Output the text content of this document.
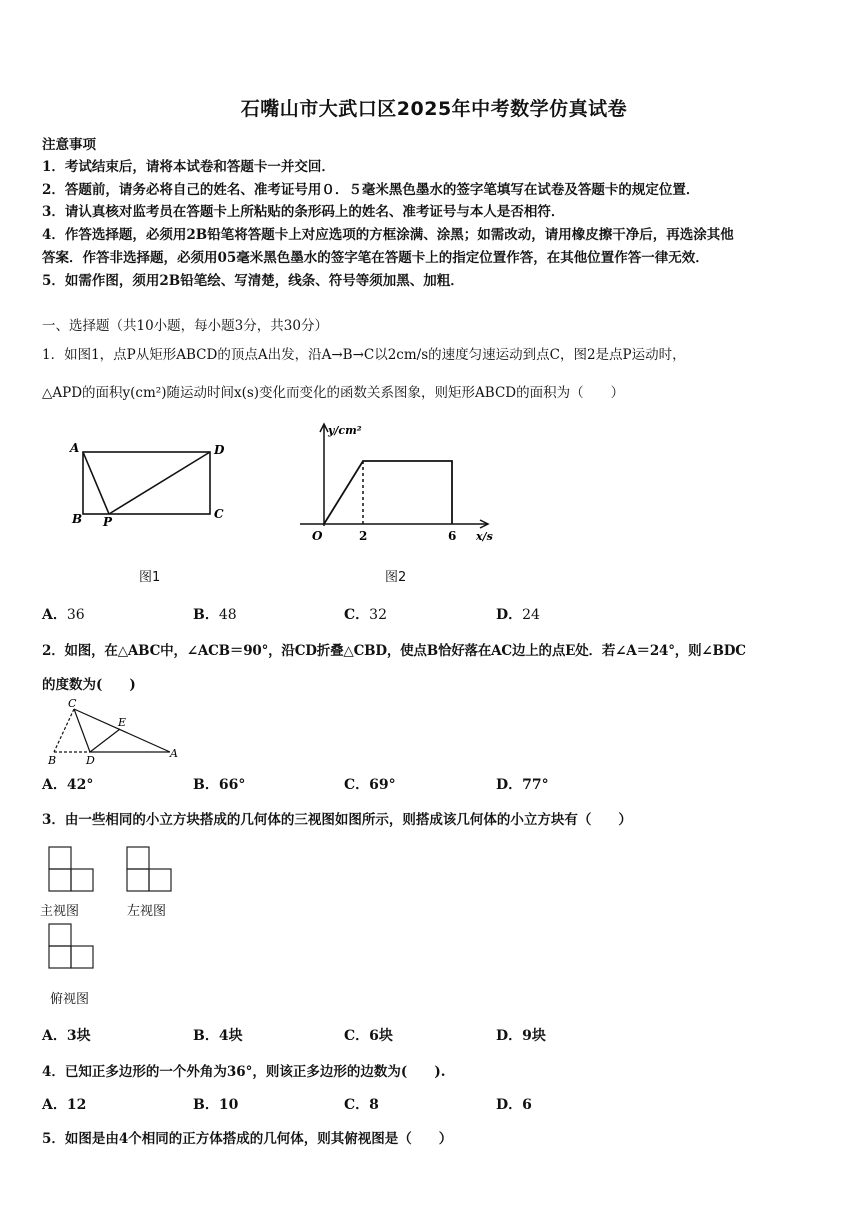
石嘴山市大武口区2025年中考数学仿真试卷
注意事项
1．考试结束后，请将本试卷和答题卡一并交回．
2．答题前，请务必将自己的姓名、准考证号用０．５毫米黑色墨水的签字笔填写在试卷及答题卡的规定位置．
3．请认真核对监考员在答题卡上所粘贴的条形码上的姓名、准考证号与本人是否相符．
4．作答选择题，必须用2B铅笔将答题卡上对应选项的方框涂满、涂黑；如需改动，请用橡皮擦干净后，再选涂其他
答案．作答非选择题，必须用05毫米黑色墨水的签字笔在答题卡上的指定位置作答，在其他位置作答一律无效．
5．如需作图，须用2B铅笔绘、写清楚，线条、符号等须加黑、加粗．
一、选择题（共10小题，每小题3分，共30分）
1．如图1，点P从矩形ABCD的顶点A出发，沿A→B→C以2cm/s的速度匀速运动到点C，图2是点P运动时，
△APD的面积y(cm²)随运动时间x(s)变化而变化的函数关系图象，则矩形ABCD的面积为（　　）
A	D
B P
C
图1
y/cm²
x/s
O	2	6
图2
A．36	B．48	C．32	D．24
2．如图，在△ABC中，∠ACB＝90°，沿CD折叠△CBD，使点B恰好落在AC边上的点E处．若∠A＝24°，则∠BDC
的度数为(　　)
C
E
B	D
A
A．42°	B．66°	C．69°	D．77°
3．由一些相同的小立方块搭成的几何体的三视图如图所示，则搭成该几何体的小立方块有（　　）
主视图	左视图
俯视图
A．3块	B．4块	C．6块	D．9块
4．已知正多边形的一个外角为36°，则该正多边形的边数为(　　).
A．12	B．10	C．8	D．6
5．如图是由4个相同的正方体搭成的几何体，则其俯视图是（　　）
